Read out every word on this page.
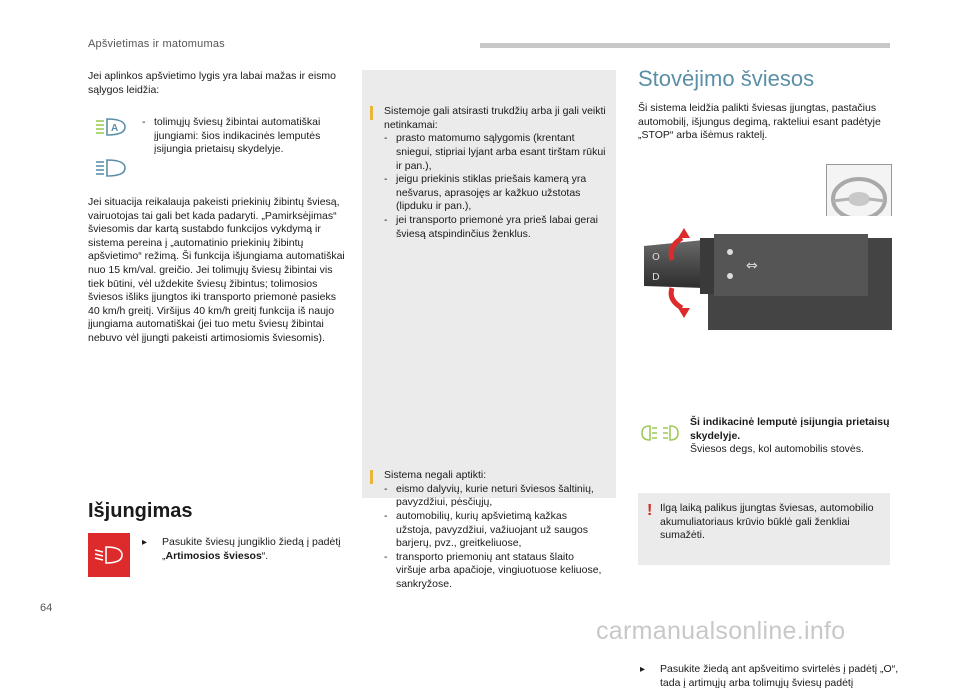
Apšvietimas ir matomumas
Jei aplinkos apšvietimo lygis yra labai mažas ir eismo sąlygos leidžia:
A

- tolimųjų šviesų žibintai automatiškai įjungiami: šios indikacinės lemputės įsijungia prietaisų skydelyje.
Jei situacija reikalauja pakeisti priekinių žibintų šviesą, vairuotojas tai gali bet kada padaryti. „Pamirksėjimas“ šviesomis dar kartą sustabdo funkcijos vykdymą ir sistema pereina į „automatinio priekinių žibintų apšvietimo“ režimą. Ši funkcija išjungiama automatiškai nuo 15 km/val. greičio. Jei tolimųjų šviesų žibintai vis tiek būtini, vėl uždekite šviesų žibintus; tolimosios šviesos išliks įjungtos iki transporto priemonė pasieks 40 km/h greitį. Viršijus 40 km/h greitį funkcija iš naujo įjungiama automatiškai (jei tuo metu šviesų žibintai nebuvo vėl įjungti pakeisti artimosiomis šviesomis).
Išjungimas
▸ Pasukite šviesų jungiklio žiedą į padėtį „Artimosios šviesos“.
Sistemoje gali atsirasti trukdžių arba ji gali veikti netinkamai:
- prasto matomumo sąlygomis (krentant sniegui, stipriai lyjant arba esant tirštam rūkui ir pan.),
- jeigu priekinis stiklas priešais kamerą yra nešvarus, aprasojęs ar kažkuo užstotas (lipduku ir pan.),
- jei transporto priemonė yra prieš labai gerai šviesą atspindinčius ženklus.
Sistema negali aptikti:
- eismo dalyvių, kurie neturi šviesos šaltinių, pavyzdžiui, pėsčiųjų,
- automobilių, kurių apšvietimą kažkas užstoja, pavyzdžiui, važiuojant už saugos barjerų, pvz., greitkeliuose,
- transporto priemonių ant stataus šlaito viršuje arba apačioje, vingiuotuose keliuose, sankryžose.
Stovėjimo šviesos
Ši sistema leidžia palikti šviesas įjungtas, pastačius automobilį, išjungus degimą, rakteliui esant padėtyje „STOP“ arba išėmus raktelį.
⇔
O
D
▸ Pasukite žiedą ant apšveitimo svirtelės į padėtį „O“, tada į artimųjų arba tolimųjų šviesų padėtį
Ši indikacinė lemputė įsijungia prietaisų skydelyje.
Šviesos degs, kol automobilis stovės.
! Ilgą laiką palikus įjungtas šviesas, automobilio akumuliatoriaus krūvio būklė gali ženkliai sumažėti.
64
carmanualsonline.info
